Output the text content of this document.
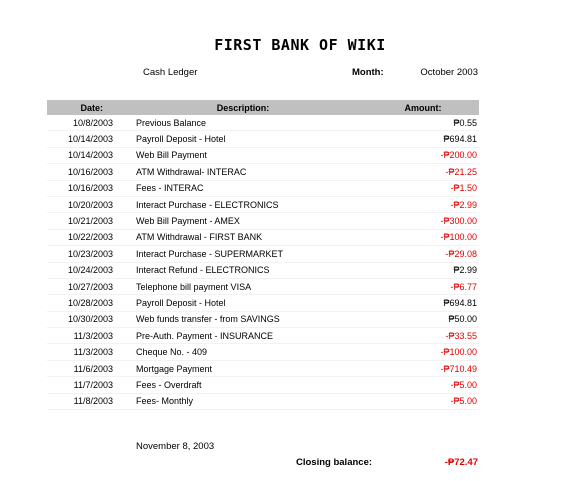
FIRST BANK OF WIKI
Cash Ledger	Month:	October 2003
Date:	Description:	Amount:
10/8/2003	Previous Balance	₱0.55
10/14/2003	Payroll Deposit - Hotel	₱694.81
10/14/2003	Web Bill Payment	-₱200.00
10/16/2003	ATM Withdrawal- INTERAC	-₱21.25
10/16/2003	Fees - INTERAC	-₱1.50
10/20/2003	Interact Purchase - ELECTRONICS	-₱2.99
10/21/2003	Web Bill Payment - AMEX	-₱300.00
10/22/2003	ATM Withdrawal - FIRST BANK	-₱100.00
10/23/2003	Interact Purchase - SUPERMARKET	-₱29.08
10/24/2003	Interact Refund - ELECTRONICS	₱2.99
10/27/2003	Telephone bill payment VISA	-₱6.77
10/28/2003	Payroll Deposit - Hotel	₱694.81
10/30/2003	Web funds transfer - from SAVINGS	₱50.00
11/3/2003	Pre-Auth. Payment - INSURANCE	-₱33.55
11/3/2003	Cheque No. - 409	-₱100.00
11/6/2003	Mortgage Payment	-₱710.49
11/7/2003	Fees - Overdraft	-₱5.00
11/8/2003	Fees- Monthly	-₱5.00
November 8, 2003
Closing balance:	-₱72.47
